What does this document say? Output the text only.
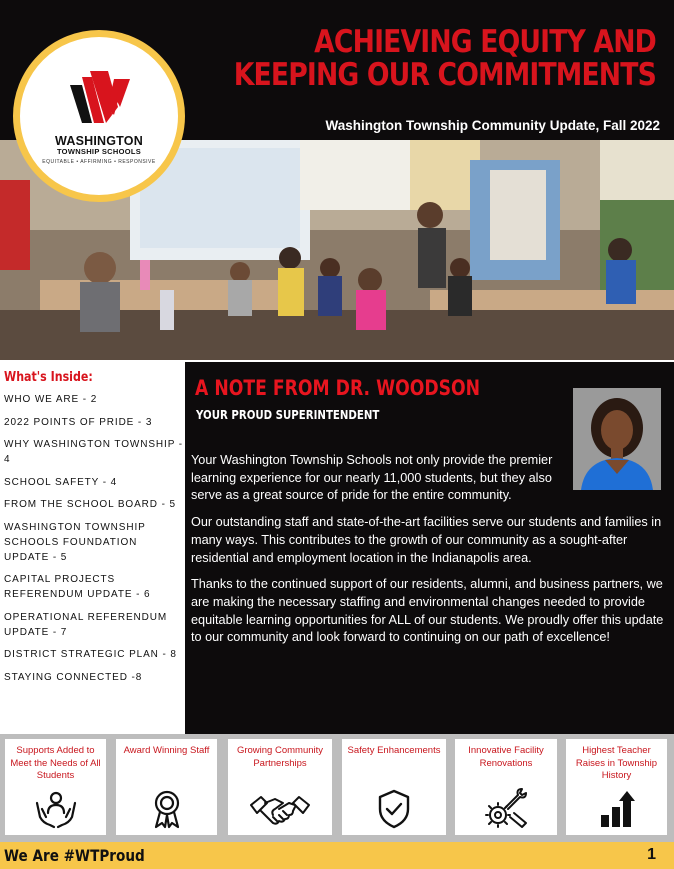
ACHIEVING EQUITY AND
KEEPING OUR COMMITMENTS
Washington Township Community Update, Fall 2022
WASHINGTON
TOWNSHIP SCHOOLS
EQUITABLE • AFFIRMING • RESPONSIVE
What's Inside:
WHO WE ARE - 2
2022 POINTS OF PRIDE - 3
WHY WASHINGTON TOWNSHIP - 4
SCHOOL SAFETY - 4
FROM THE SCHOOL BOARD - 5
WASHINGTON TOWNSHIP SCHOOLS FOUNDATION UPDATE - 5
CAPITAL PROJECTS REFERENDUM UPDATE - 6
OPERATIONAL REFERENDUM UPDATE - 7
DISTRICT STRATEGIC PLAN - 8
STAYING CONNECTED -8
A NOTE FROM DR. WOODSON
YOUR PROUD SUPERINTENDENT

Your Washington Township Schools not only provide the premier learning experience for our nearly 11,000 students, but they also serve as a great source of pride for the entire community.

Our outstanding staff and state-of-the-art facilities serve our students and families in many ways. This contributes to the growth of our community as a sought-after residential and employment location in the Indianapolis area.

Thanks to the continued support of our residents, alumni, and business partners, we are making the necessary staffing and environmental changes needed to provide equitable learning opportunities for ALL of our students. We proudly offer this update to our community and look forward to continuing on our path of excellence!

Supports Added to Meet the Needs of All Students
Award Winning Staff	Growing Community Partnerships
Safety Enhancements	Innovative Facility Renovations
Highest Teacher Raises in Township History
We Are #WTProud	1
